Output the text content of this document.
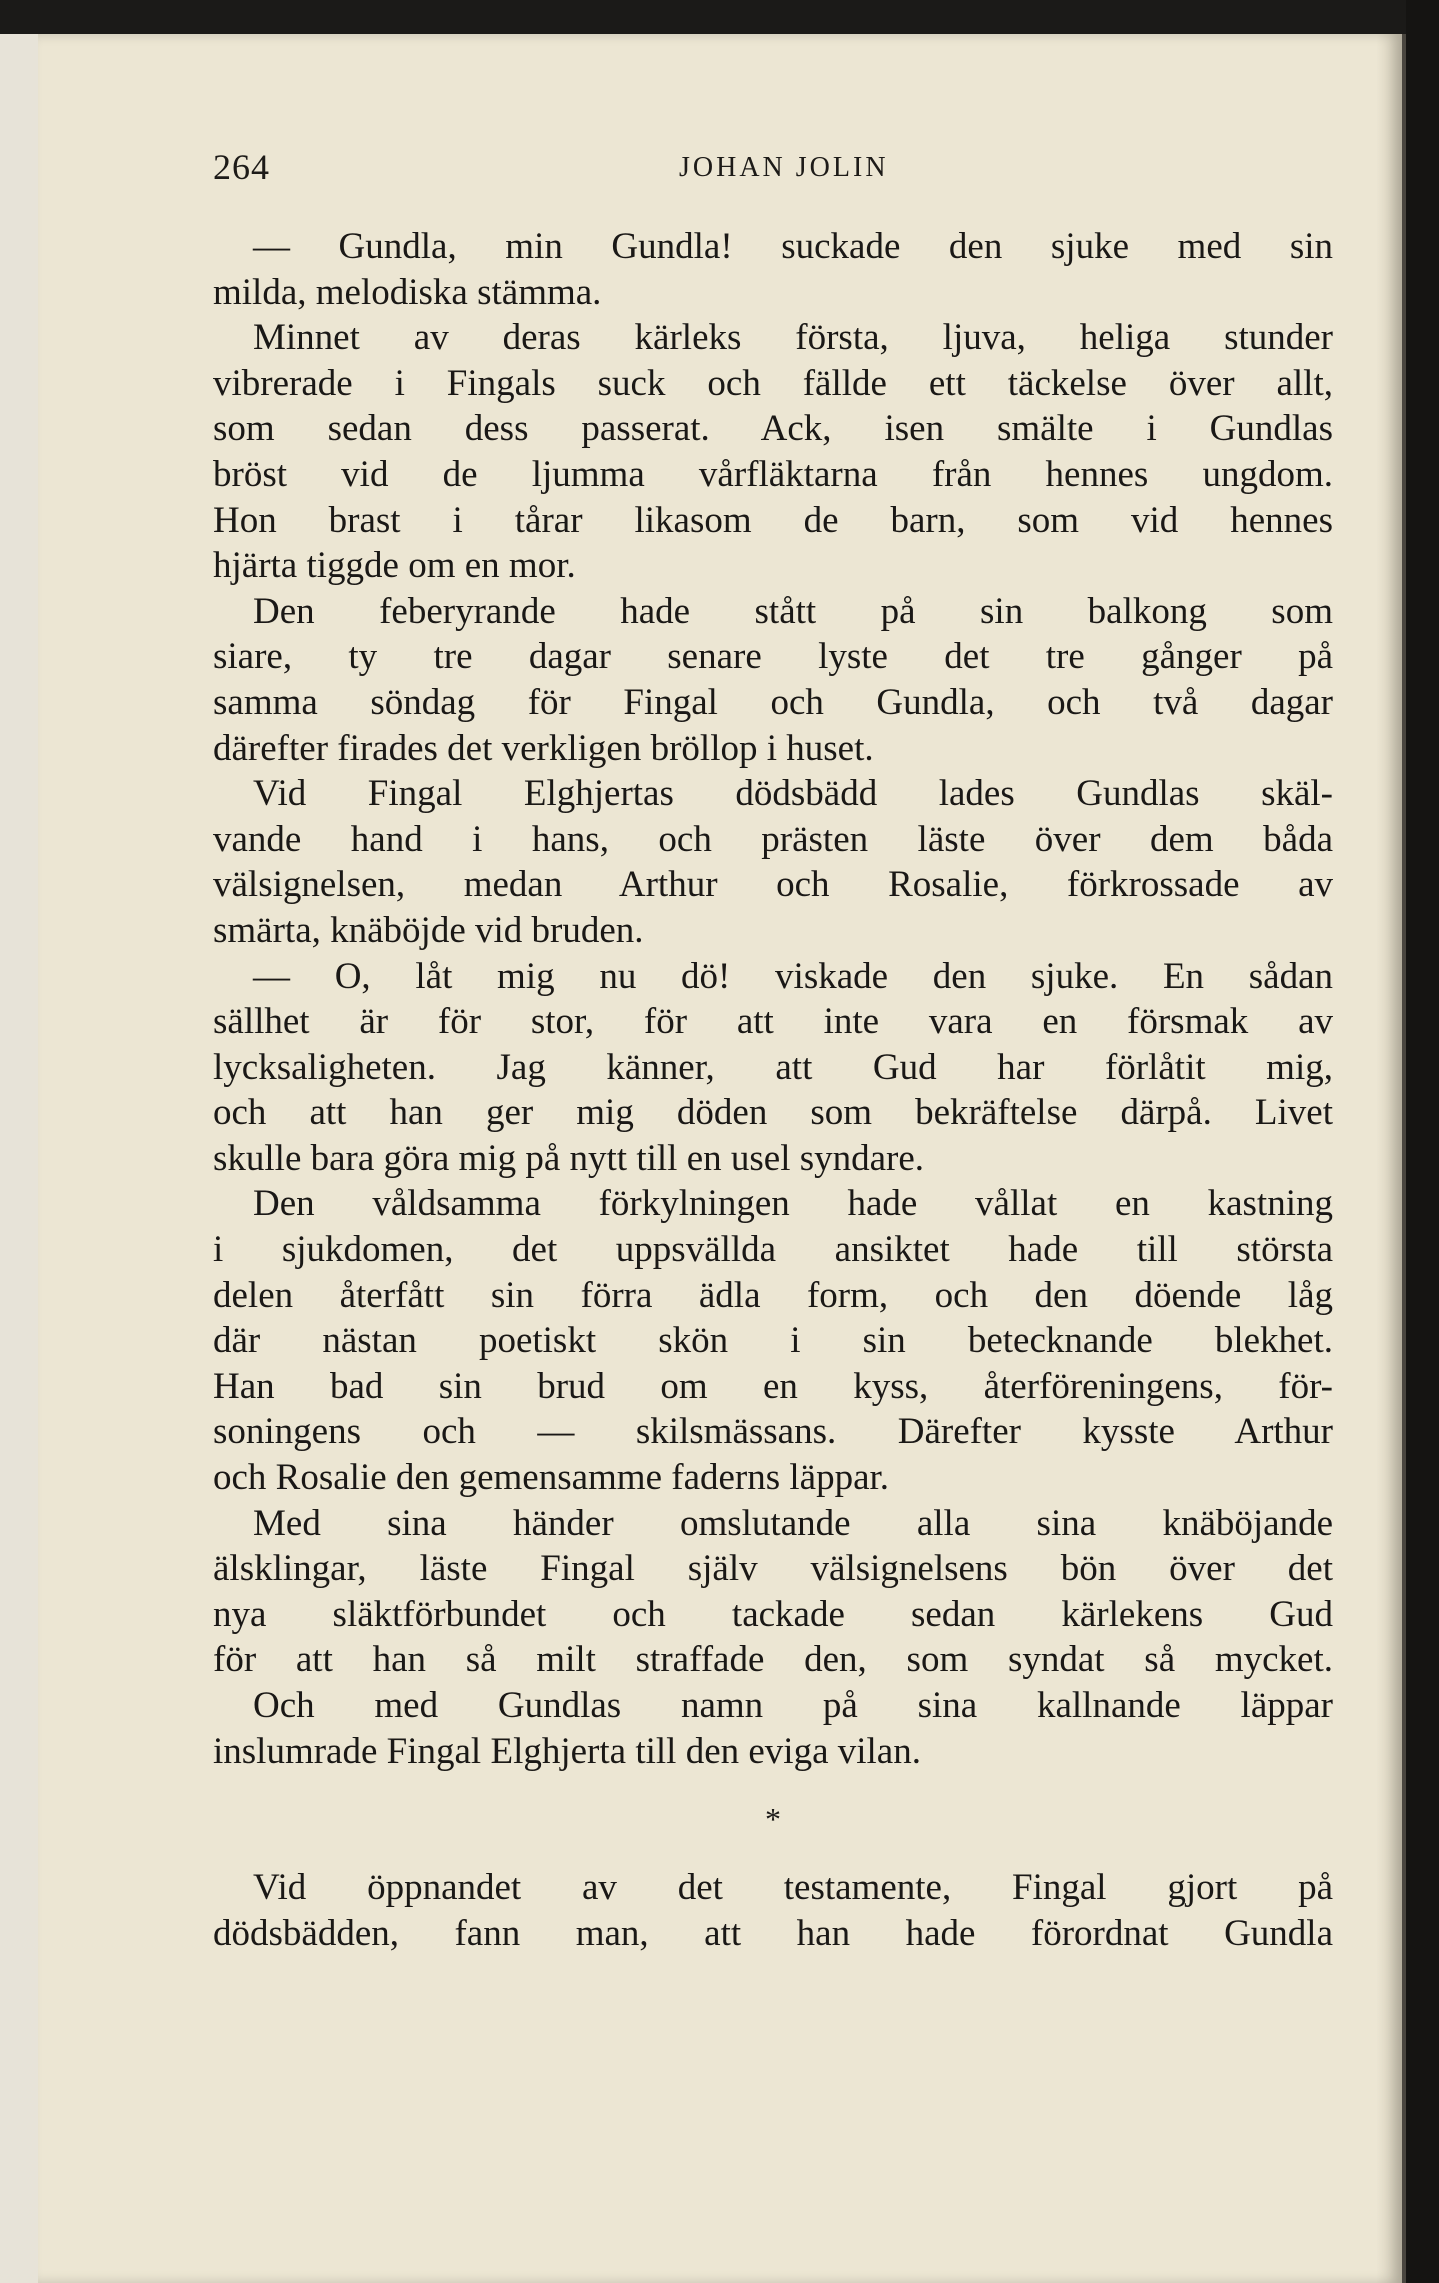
264	JOHAN JOLIN
— Gundla, min Gundla! suckade den sjuke med sin
milda, melodiska stämma.
Minnet av deras kärleks första, ljuva, heliga stunder
vibrerade i Fingals suck och fällde ett täckelse över allt,
som sedan dess passerat. Ack, isen smälte i Gundlas
bröst vid de ljumma vårfläktarna från hennes ungdom.
Hon brast i tårar likasom de barn, som vid hennes
hjärta tiggde om en mor.
Den feberyrande hade stått på sin balkong som
siare, ty tre dagar senare lyste det tre gånger på
samma söndag för Fingal och Gundla, och två dagar
därefter firades det verkligen bröllop i huset.
Vid Fingal Elghjertas dödsbädd lades Gundlas skäl-
vande hand i hans, och prästen läste över dem båda
välsignelsen, medan Arthur och Rosalie, förkrossade av
smärta, knäböjde vid bruden.
— O, låt mig nu dö! viskade den sjuke. En sådan
sällhet är för stor, för att inte vara en försmak av
lycksaligheten. Jag känner, att Gud har förlåtit mig,
och att han ger mig döden som bekräftelse därpå. Livet
skulle bara göra mig på nytt till en usel syndare.
Den våldsamma förkylningen hade vållat en kastning
i sjukdomen, det uppsvällda ansiktet hade till största
delen återfått sin förra ädla form, och den döende låg
där nästan poetiskt skön i sin betecknande blekhet.
Han bad sin brud om en kyss, återföreningens, för-
soningens och — skilsmässans. Därefter kysste Arthur
och Rosalie den gemensamme faderns läppar.
Med sina händer omslutande alla sina knäböjande
älsklingar, läste Fingal själv välsignelsens bön över det
nya släktförbundet och tackade sedan kärlekens Gud
för att han så milt straffade den, som syndat så mycket.
Och med Gundlas namn på sina kallnande läppar
inslumrade Fingal Elghjerta till den eviga vilan.
*
Vid öppnandet av det testamente, Fingal gjort på
dödsbädden, fann man, att han hade förordnat Gundla
